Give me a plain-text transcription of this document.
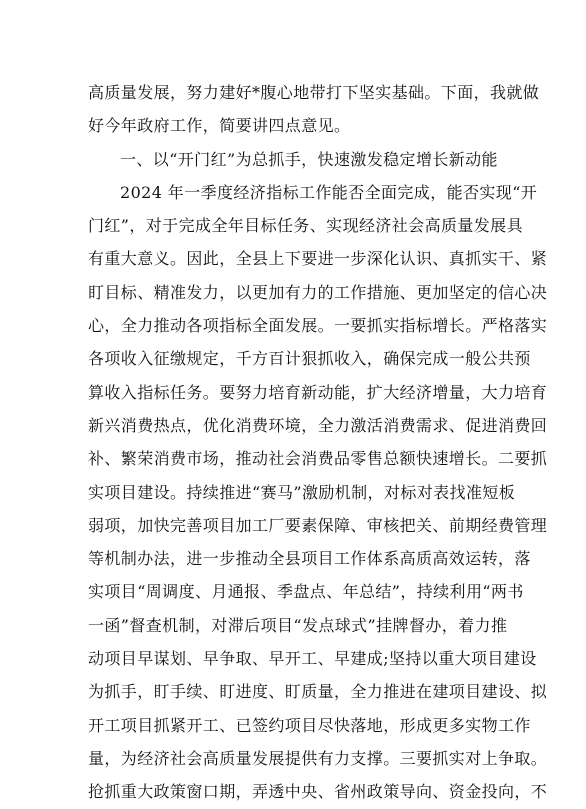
高质量发展，努力建好*腹心地带打下坚实基础。下面，我就做
好今年政府工作，简要讲四点意见。
一、以“开门红”为总抓手，快速激发稳定增长新动能
2024 年一季度经济指标工作能否全面完成，能否实现“开
门红”，对于完成全年目标任务、实现经济社会高质量发展具
有重大意义。因此，全县上下要进一步深化认识、真抓实干、紧
盯目标、精准发力，以更加有力的工作措施、更加坚定的信心决
心，全力推动各项指标全面发展。一要抓实指标增长。严格落实
各项收入征缴规定，千方百计狠抓收入，确保完成一般公共预
算收入指标任务。要努力培育新动能，扩大经济增量，大力培育
新兴消费热点，优化消费环境，全力激活消费需求、促进消费回
补、繁荣消费市场，推动社会消费品零售总额快速增长。二要抓
实项目建设。持续推进“赛马”激励机制，对标对表找准短板
弱项，加快完善项目加工厂要素保障、审核把关、前期经费管理
等机制办法，进一步推动全县项目工作体系高质高效运转，落
实项目“周调度、月通报、季盘点、年总结”，持续利用“两书
一函”督查机制，对滞后项目“发点球式”挂牌督办，着力推
动项目早谋划、早争取、早开工、早建成;坚持以重大项目建设
为抓手，盯手续、盯进度、盯质量，全力推进在建项目建设、拟
开工项目抓紧开工、已签约项目尽快落地，形成更多实物工作
量，为经济社会高质量发展提供有力支撑。三要抓实对上争取。
抢抓重大政策窗口期，弄透中央、省州政策导向、资金投向，不
